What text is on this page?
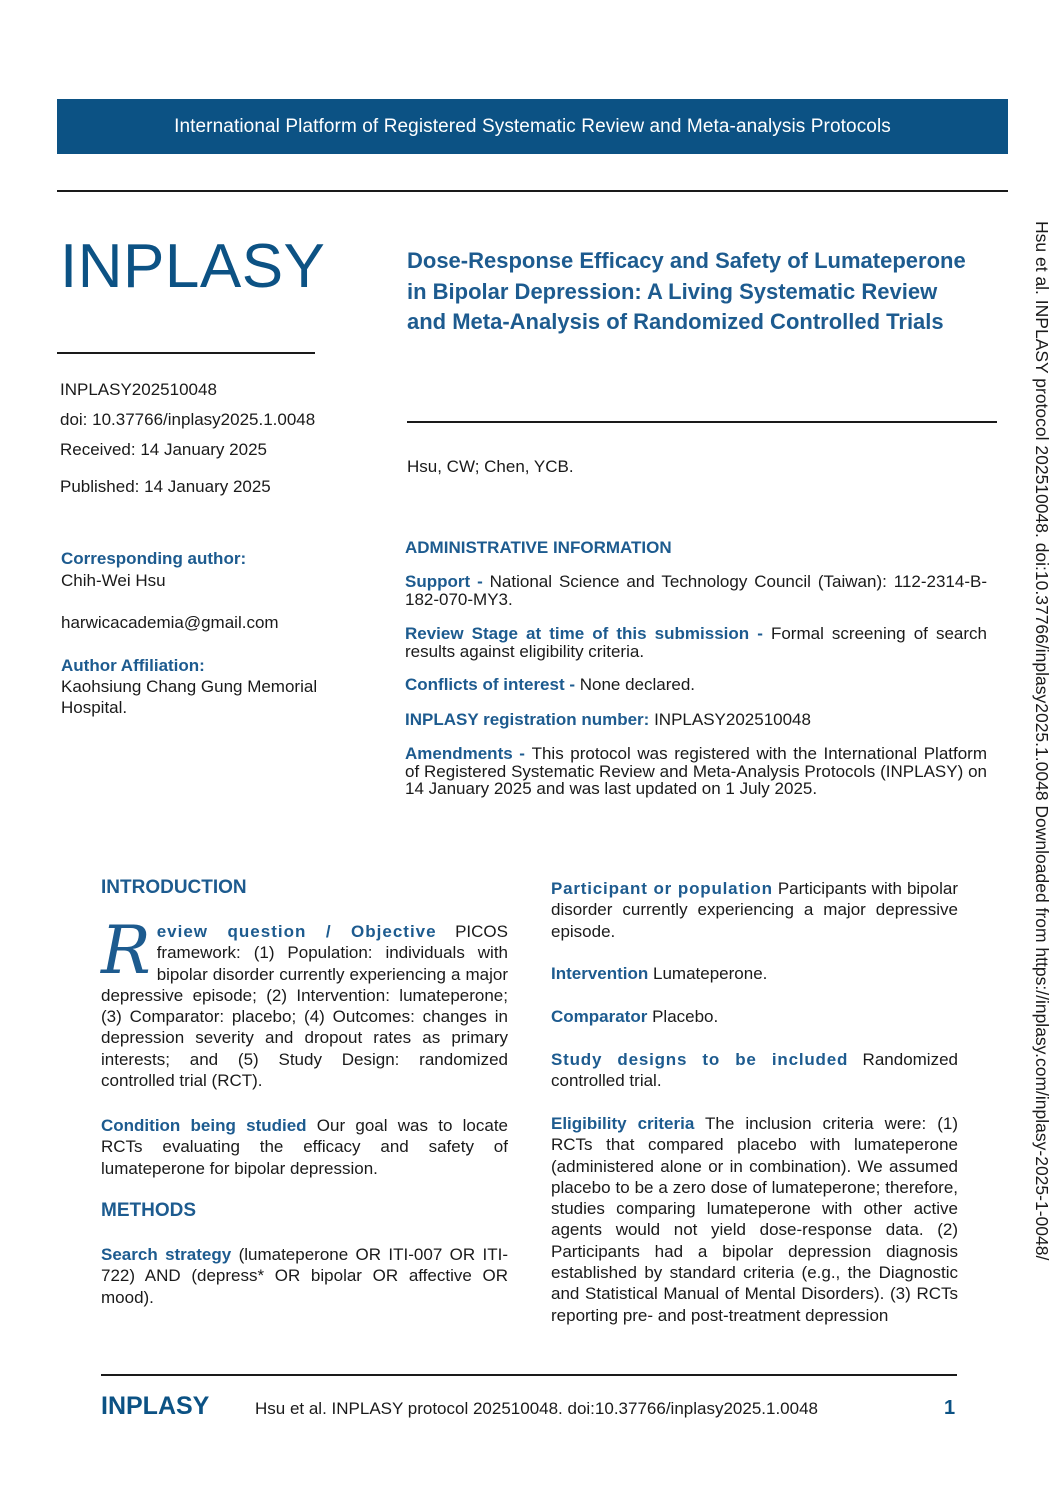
International Platform of Registered Systematic Review and Meta-analysis Protocols
INPLASY
INPLASY202510048
doi: 10.37766/inplasy2025.1.0048
Received: 14 January 2025
Published: 14 January 2025
Dose-Response Efficacy and Safety of Lumateperone in Bipolar Depression: A Living Systematic Review and Meta-Analysis of Randomized Controlled Trials
Hsu, CW; Chen, YCB.
Corresponding author:
Chih-Wei Hsu
harwicacademia@gmail.com
Author Affiliation:
Kaohsiung Chang Gung Memorial Hospital.
ADMINISTRATIVE INFORMATION
Support - National Science and Technology Council (Taiwan): 112-2314-B-182-070-MY3.
Review Stage at time of this submission - Formal screening of search results against eligibility criteria.
Conflicts of interest - None declared.
INPLASY registration number: INPLASY202510048
Amendments - This protocol was registered with the International Platform of Registered Systematic Review and Meta-Analysis Protocols (INPLASY) on 14 January 2025 and was last updated on 1 July 2025.
INTRODUCTION
Review question / Objective PICOS framework: (1) Population: individuals with bipolar disorder currently experiencing a major depressive episode; (2) Intervention: lumateperone; (3) Comparator: placebo; (4) Outcomes: changes in depression severity and dropout rates as primary interests; and (5) Study Design: randomized controlled trial (RCT).
Condition being studied Our goal was to locate RCTs evaluating the efficacy and safety of lumateperone for bipolar depression.
METHODS
Search strategy (lumateperone OR ITI-007 OR ITI-722) AND (depress* OR bipolar OR affective OR mood).
Participant or population Participants with bipolar disorder currently experiencing a major depressive episode.
Intervention Lumateperone.
Comparator Placebo.
Study designs to be included Randomized controlled trial.
Eligibility criteria The inclusion criteria were: (1) RCTs that compared placebo with lumateperone (administered alone or in combination). We assumed placebo to be a zero dose of lumateperone; therefore, studies comparing lumateperone with other active agents would not yield dose-response data. (2) Participants had a bipolar depression diagnosis established by standard criteria (e.g., the Diagnostic and Statistical Manual of Mental Disorders). (3) RCTs reporting pre- and post-treatment depression
Hsu et al. INPLASY protocol 202510048. doi:10.37766/inplasy2025.1.0048 Downloaded from https://inplasy.com/inplasy-2025-1-0048/
INPLASY	Hsu et al. INPLASY protocol 202510048. doi:10.37766/inplasy2025.1.0048	1
